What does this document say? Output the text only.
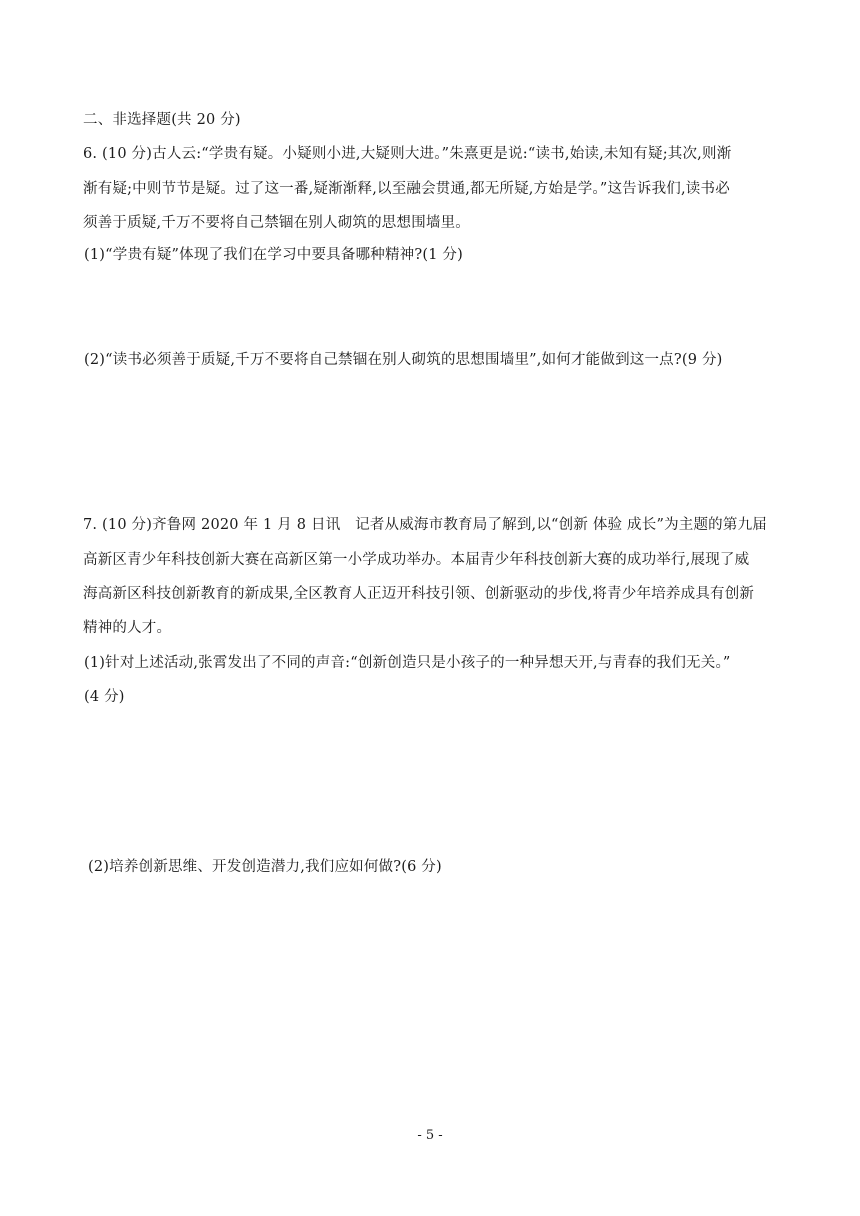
二、非选择题(共 20 分)
6. (10 分)古人云:“学贵有疑。小疑则小进,大疑则大进。”朱熹更是说:“读书,始读,未知有疑;其次,则渐
渐有疑;中则节节是疑。过了这一番,疑渐渐释,以至融会贯通,都无所疑,方始是学。”这告诉我们,读书必
须善于质疑,千万不要将自己禁锢在别人砌筑的思想围墙里。
(1)“学贵有疑”体现了我们在学习中要具备哪种精神?(1 分)
(2)“读书必须善于质疑,千万不要将自己禁锢在别人砌筑的思想围墙里”,如何才能做到这一点?(9 分)
7. (10 分)齐鲁网 2020 年 1 月 8 日讯　记者从威海市教育局了解到,以“创新 体验 成长”为主题的第九届
高新区青少年科技创新大赛在高新区第一小学成功举办。本届青少年科技创新大赛的成功举行,展现了威
海高新区科技创新教育的新成果,全区教育人正迈开科技引领、创新驱动的步伐,将青少年培养成具有创新
精神的人才。
(1)针对上述活动,张霄发出了不同的声音:“创新创造只是小孩子的一种异想天开,与青春的我们无关。”
(4 分)
(2)培养创新思维、开发创造潜力,我们应如何做?(6 分)
- 5 -
